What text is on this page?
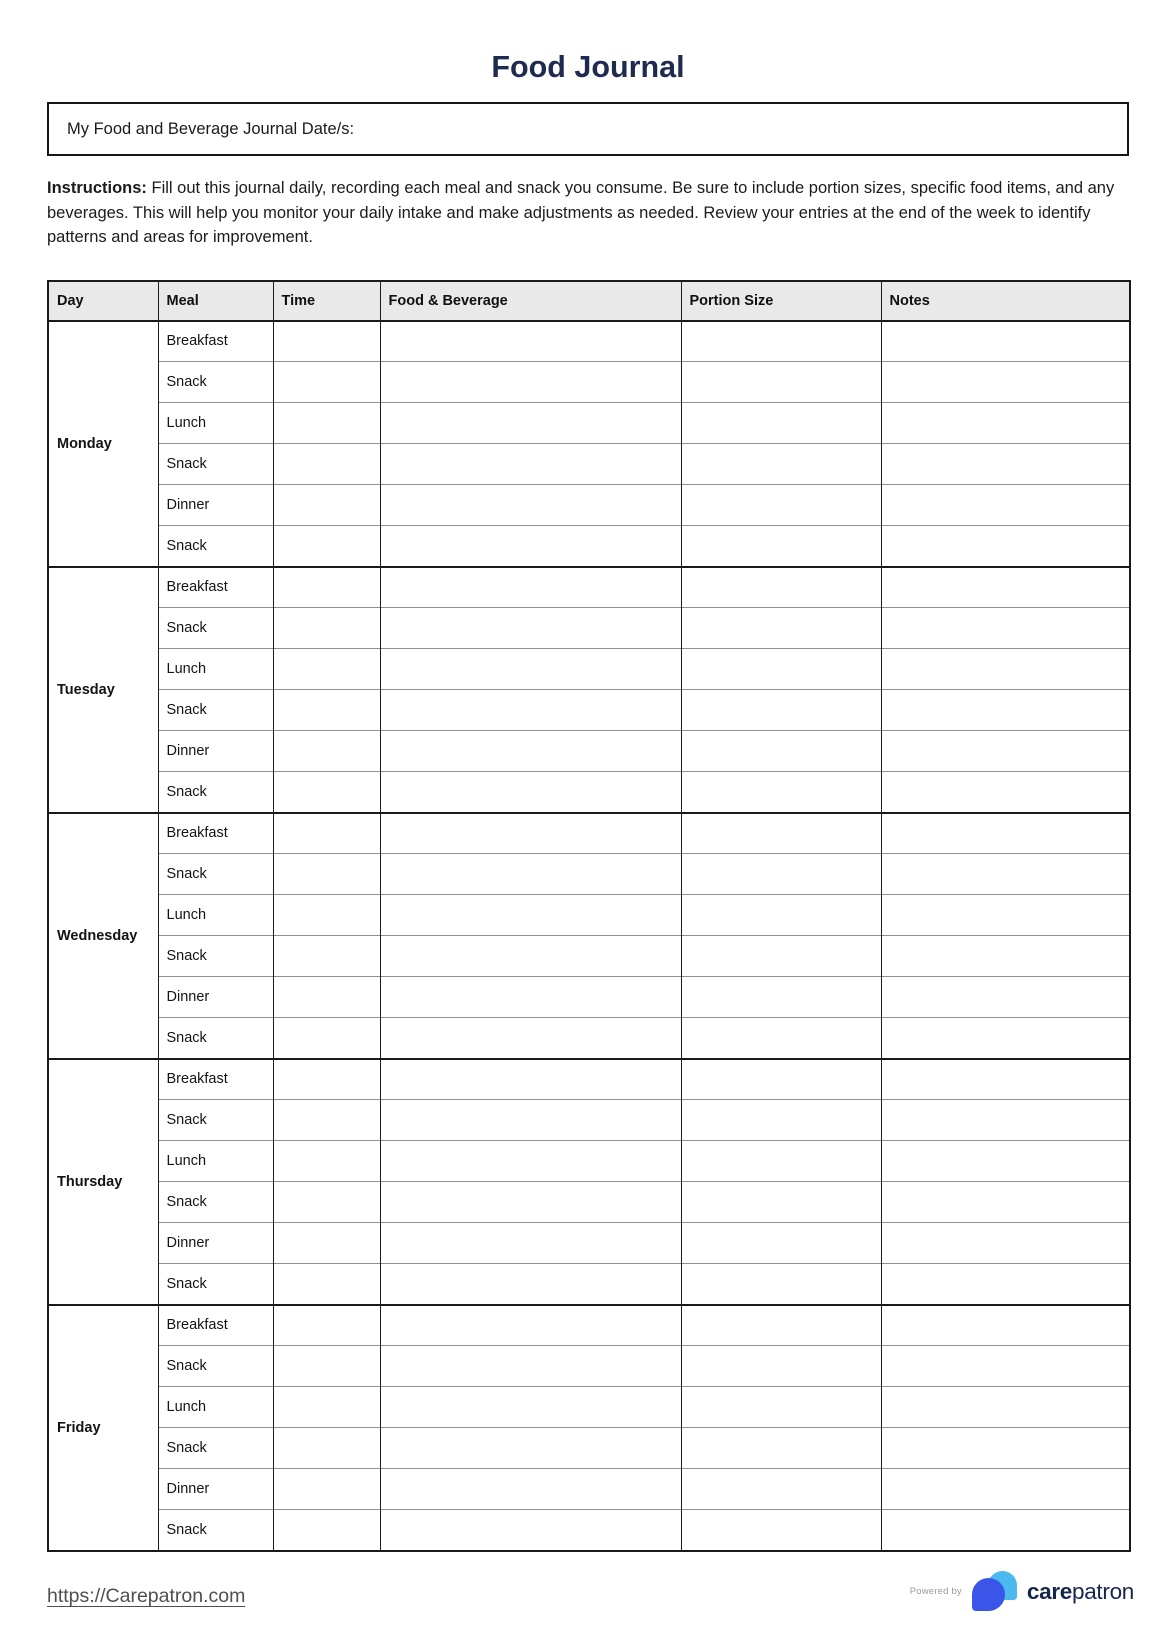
Food Journal
My Food and Beverage Journal Date/s:

Instructions: Fill out this journal daily, recording each meal and snack you consume. Be sure to include portion sizes, specific food items, and any beverages. This will help you monitor your daily intake and make adjustments as needed. Review your entries at the end of the week to identify patterns and areas for improvement.

Day	Meal	Time	Food & Beverage	Portion Size	Notes
Monday	Breakfast				
	Snack				
	Lunch				
	Snack				
	Dinner				
	Snack				
Tuesday	Breakfast				
	Snack				
	Lunch				
	Snack				
	Dinner				
	Snack				
Wednesday	Breakfast				
	Snack				
	Lunch				
	Snack				
	Dinner				
	Snack				
Thursday	Breakfast				
	Snack				
	Lunch				
	Snack				
	Dinner				
	Snack				
Friday	Breakfast				
	Snack				
	Lunch				
	Snack				
	Dinner				
	Snack				
https://Carepatron.com	Powered by	carepatron
